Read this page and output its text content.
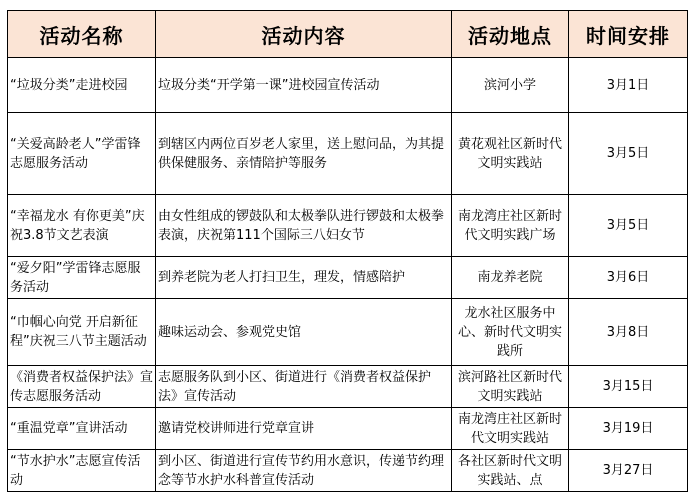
活动名称	活动内容	活动地点	时间安排
“垃圾分类”走进校园	垃圾分类“开学第一课”进校园宣传活动	滨河小学	3月1日
“关爱高龄老人”学雷锋志愿服务活动	到辖区内两位百岁老人家里，送上慰问品，为其提供保健服务、亲情陪护等服务	黄花观社区新时代文明实践站	3月5日
“幸福龙水 有你更美”庆祝3.8节文艺表演	由女性组成的锣鼓队和太极拳队进行锣鼓和太极拳表演，庆祝第111个国际三八妇女节	南龙湾庄社区新时代文明实践广场	3月5日
“爱夕阳”学雷锋志愿服务活动	到养老院为老人打扫卫生，理发，情感陪护	南龙养老院	3月6日
“巾帼心向党 开启新征程”庆祝三八节主题活动	趣味运动会、参观党史馆	龙水社区服务中心、新时代文明实践所	3月8日
《消费者权益保护法》宣传志愿服务活动	志愿服务队到小区、街道进行《消费者权益保护法》宣传活动	滨河路社区新时代文明实践站	3月15日
“重温党章”宣讲活动	邀请党校讲师进行党章宣讲	南龙湾庄社区新时代文明实践站	3月19日
“节水护水”志愿宣传活动	到小区、街道进行宣传节约用水意识，传递节约理念等节水护水科普宣传活动	各社区新时代文明实践站、点	3月27日
